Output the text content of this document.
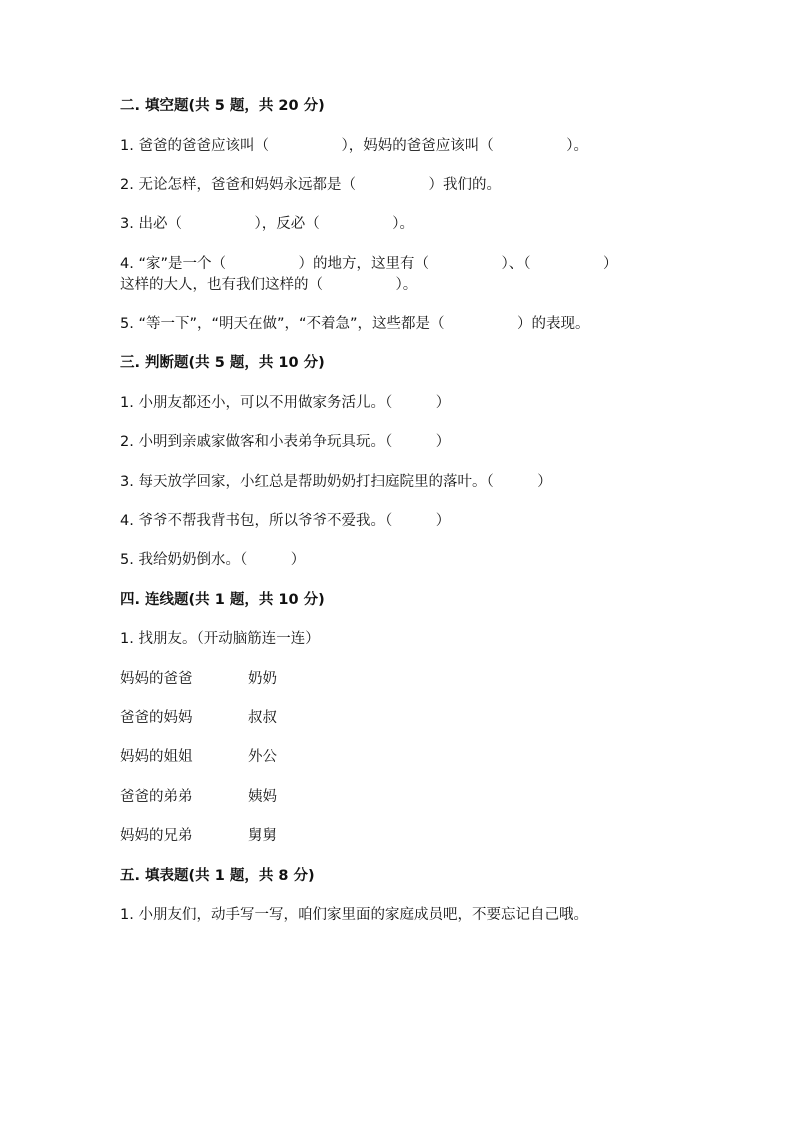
二. 填空题(共 5 题，共 20 分)
1. 爸爸的爸爸应该叫（　　　　　），妈妈的爸爸应该叫（　　　　　）。
2. 无论怎样，爸爸和妈妈永远都是（　　　　　）我们的。
3. 出必（　　　　　），反必（　　　　　）。
4. “家”是一个（　　　　　）的地方，这里有（　　　　　）、（　　　　　）
这样的大人，也有我们这样的（　　　　　）。
5. “等一下”，“明天在做”，“不着急”，这些都是（　　　　　）的表现。
三. 判断题(共 5 题，共 10 分)
1. 小朋友都还小，可以不用做家务活儿。（　　　）
2. 小明到亲戚家做客和小表弟争玩具玩。（　　　）
3. 每天放学回家，小红总是帮助奶奶打扫庭院里的落叶。（　　　）
4. 爷爷不帮我背书包，所以爷爷不爱我。（　　　）
5. 我给奶奶倒水。（　　　）
四. 连线题(共 1 题，共 10 分)
1. 找朋友。（开动脑筋连一连）
妈妈的爸爸	奶奶
爸爸的妈妈	叔叔
妈妈的姐姐	外公
爸爸的弟弟	姨妈
妈妈的兄弟	舅舅
五. 填表题(共 1 题，共 8 分)
1. 小朋友们，动手写一写，咱们家里面的家庭成员吧，不要忘记自己哦。
